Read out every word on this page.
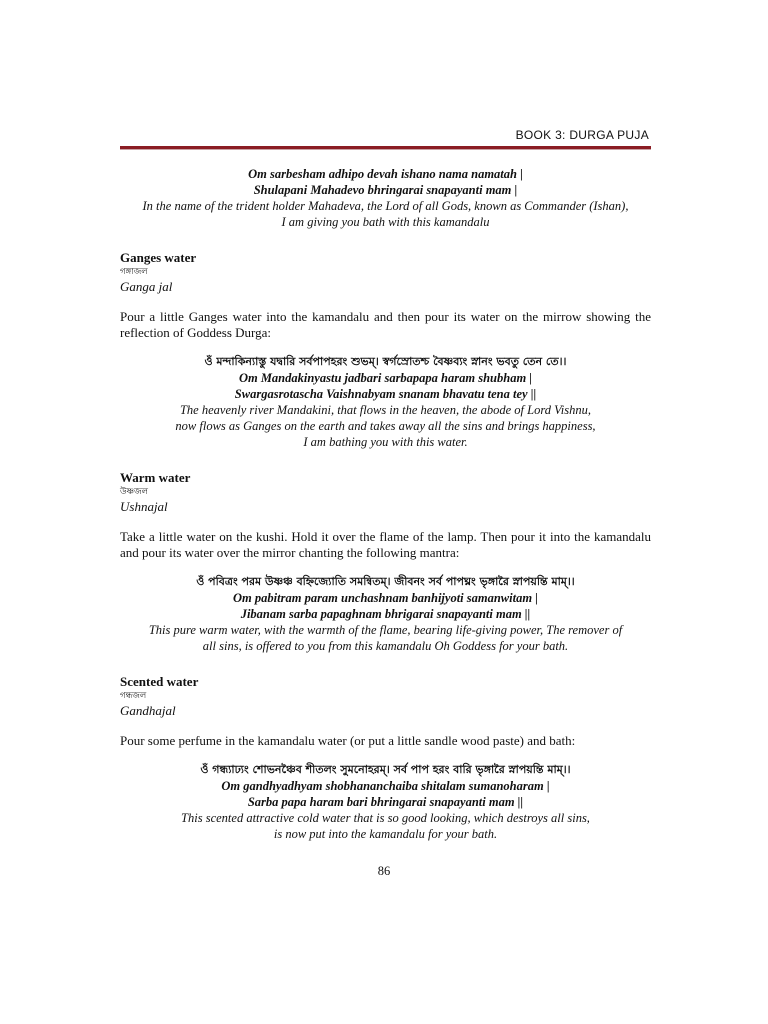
BOOK 3: DURGA PUJA
Om sarbesham adhipo devah ishano nama namatah |
Shulapani Mahadevo bhringarai snapayanti mam |
In the name of the trident holder Mahadeva, the Lord of all Gods, known as Commander (Ishan),
I am giving you bath with this kamandalu
Ganges water
গঙ্গাজল
Ganga jal
Pour a little Ganges water into the kamandalu and then pour its water on the mirrow showing the reflection of Goddess Durga:
ওঁ মন্দাকিন্যাস্তু যদ্বারি সর্বপাপহরং শুভম্। স্বর্গস্রোতশ্চ বৈষ্ণব্যং স্নানং ভবতু তেন তে।।
Om Mandakinyastu jadbari sarbapapa haram shubham |
Swargasrotascha Vaishnabyam snanam bhavatu tena tey ||
The heavenly river Mandakini, that flows in the heaven, the abode of Lord Vishnu,
now flows as Ganges on the earth and takes away all the sins and brings happiness,
I am bathing you with this water.
Warm water
উষ্ণজল
Ushnajal
Take a little water on the kushi. Hold it over the flame of the lamp. Then pour it into the kamandalu and pour its water over the mirror chanting the following mantra:
ওঁ পবিত্রং পরম উষ্ণঞ্চ বহ্নিজ্যোতি সমন্বিতম্। জীবনং সর্ব পাপঘ্নং ভৃঙ্গারৈ স্নাপয়ন্তি মাম্।।
Om pabitram param unchashnam banhijyoti samanwitam |
Jibanam sarba papaghnam bhrigarai snapayanti mam ||
This pure warm water, with the warmth of the flame, bearing life-giving power, The remover of
all sins, is offered to you from this kamandalu Oh Goddess for your bath.
Scented water
গন্ধজল
Gandhajal
Pour some perfume in the kamandalu water (or put a little sandle wood paste) and bath:
ওঁ গন্ধ্যাঢ্যং শোভনঞ্চৈব শীতলং সুমনোহরম্। সর্ব পাপ হরং বারি ভৃঙ্গারৈ স্নাপয়ন্তি মাম্।।
Om gandhyadhyam shobhananchaiba shitalam sumanoharam |
Sarba papa haram bari bhringarai snapayanti mam ||
This scented attractive cold water that is so good looking, which destroys all sins,
is now put into the kamandalu for your bath.
86
